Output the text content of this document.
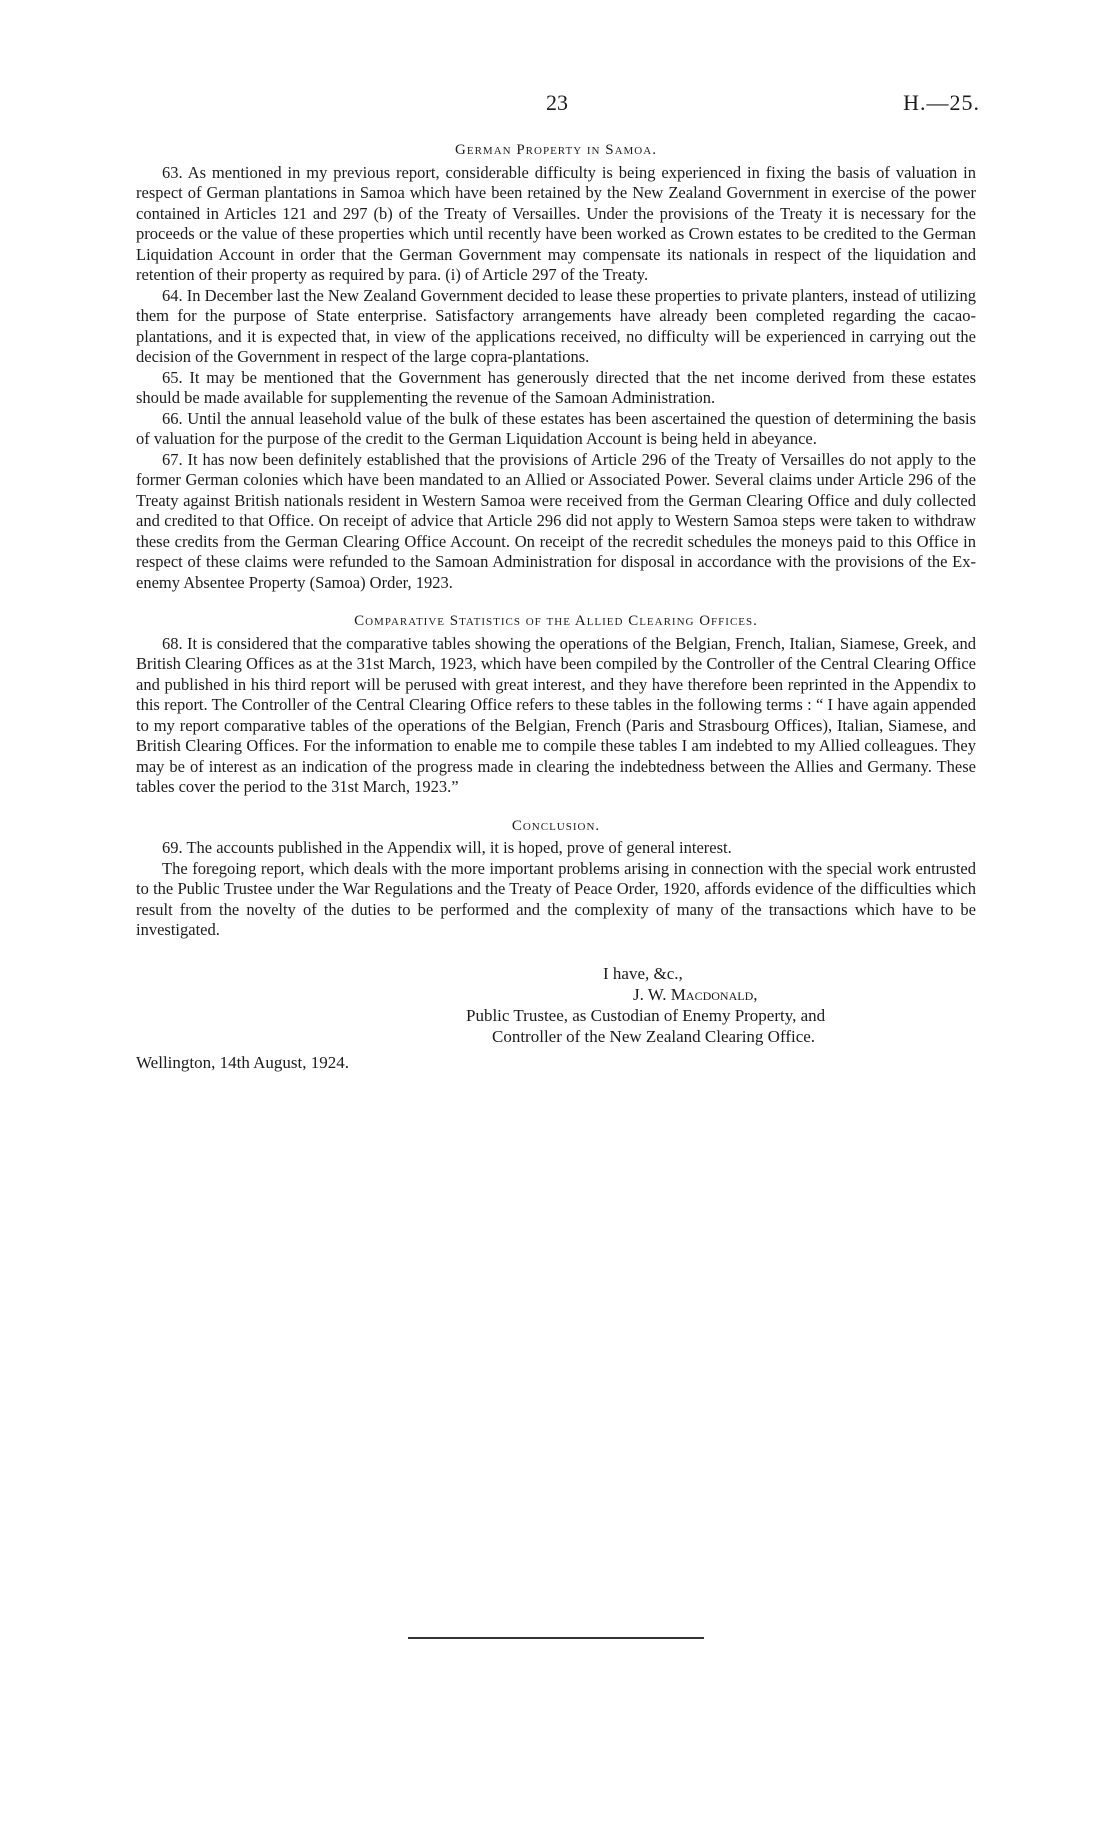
23	H.—25.
German Property in Samoa.

63. As mentioned in my previous report, considerable difficulty is being experienced in fixing the basis of valuation in respect of German plantations in Samoa which have been retained by the New Zealand Government in exercise of the power contained in Articles 121 and 297 (b) of the Treaty of Versailles. Under the provisions of the Treaty it is necessary for the proceeds or the value of these properties which until recently have been worked as Crown estates to be credited to the German Liquidation Account in order that the German Government may compensate its nationals in respect of the liquidation and retention of their property as required by para. (i) of Article 297 of the Treaty.

64. In December last the New Zealand Government decided to lease these properties to private planters, instead of utilizing them for the purpose of State enterprise. Satisfactory arrangements have already been completed regarding the cacao-plantations, and it is expected that, in view of the applications received, no difficulty will be experienced in carrying out the decision of the Government in respect of the large copra-plantations.

65. It may be mentioned that the Government has generously directed that the net income derived from these estates should be made available for supplementing the revenue of the Samoan Administration.

66. Until the annual leasehold value of the bulk of these estates has been ascertained the question of determining the basis of valuation for the purpose of the credit to the German Liquidation Account is being held in abeyance.

67. It has now been definitely established that the provisions of Article 296 of the Treaty of Versailles do not apply to the former German colonies which have been mandated to an Allied or Associated Power. Several claims under Article 296 of the Treaty against British nationals resident in Western Samoa were received from the German Clearing Office and duly collected and credited to that Office. On receipt of advice that Article 296 did not apply to Western Samoa steps were taken to withdraw these credits from the German Clearing Office Account. On receipt of the recredit schedules the moneys paid to this Office in respect of these claims were refunded to the Samoan Administration for disposal in accordance with the provisions of the Ex-enemy Absentee Property (Samoa) Order, 1923.

Comparative Statistics of the Allied Clearing Offices.

68. It is considered that the comparative tables showing the operations of the Belgian, French, Italian, Siamese, Greek, and British Clearing Offices as at the 31st March, 1923, which have been compiled by the Controller of the Central Clearing Office and published in his third report will be perused with great interest, and they have therefore been reprinted in the Appendix to this report. The Controller of the Central Clearing Office refers to these tables in the following terms : “ I have again appended to my report comparative tables of the operations of the Belgian, French (Paris and Strasbourg Offices), Italian, Siamese, and British Clearing Offices. For the information to enable me to compile these tables I am indebted to my Allied colleagues. They may be of interest as an indication of the progress made in clearing the indebtedness between the Allies and Germany. These tables cover the period to the 31st March, 1923.”

Conclusion.

69. The accounts published in the Appendix will, it is hoped, prove of general interest.

The foregoing report, which deals with the more important problems arising in connection with the special work entrusted to the Public Trustee under the War Regulations and the Treaty of Peace Order, 1920, affords evidence of the difficulties which result from the novelty of the duties to be performed and the complexity of many of the transactions which have to be investigated.

I have, &c.,
J. W. Macdonald,
Public Trustee, as Custodian of Enemy Property, and
Controller of the New Zealand Clearing Office.
Wellington, 14th August, 1924.
